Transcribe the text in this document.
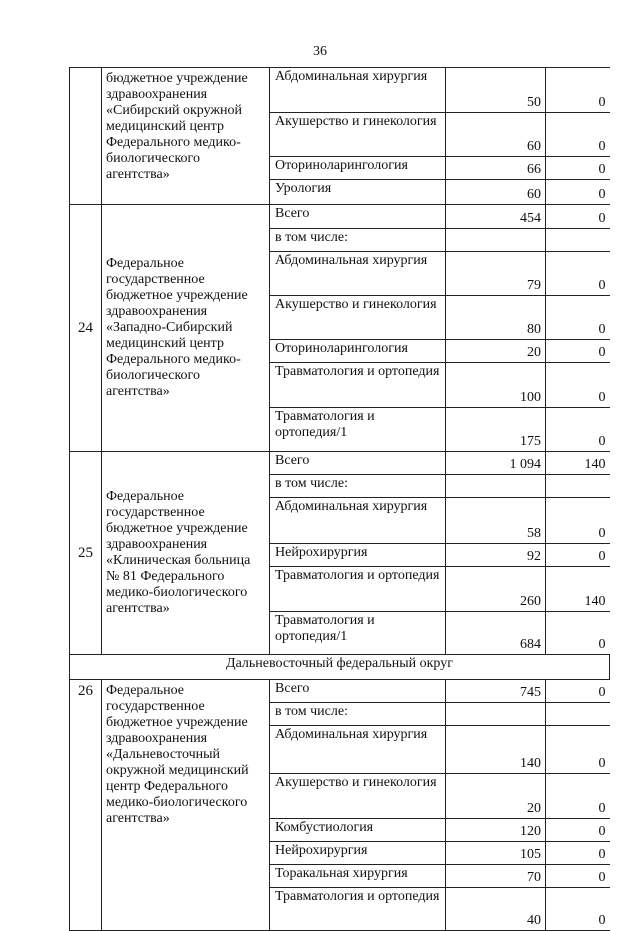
36
	бюджетное учреждение здравоохранения «Сибирский окружной медицинский центр Федерального медико-биологического агентства»	Абдоминальная хирургия	50	0
		Акушерство и гинекология	60	0
		Оториноларингология	66	0
		Урология	60	0
24	Федеральное государственное бюджетное учреждение здравоохранения «Западно-Сибирский медицинский центр Федерального медико-биологического агентства»	Всего	454	0
		в том числе:		
		Абдоминальная хирургия	79	0
		Акушерство и гинекология	80	0
		Оториноларингология	20	0
		Травматология и ортопедия	100	0
		Травматология и ортопедия/1	175	0
25	Федеральное государственное бюджетное учреждение здравоохранения «Клиническая больница № 81 Федерального медико-биологического агентства»	Всего	1 094	140
		в том числе:		
		Абдоминальная хирургия	58	0
		Нейрохирургия	92	0
		Травматология и ортопедия	260	140
		Травматология и ортопедия/1	684	0
Дальневосточный федеральный округ				
26	Федеральное государственное бюджетное учреждение здравоохранения «Дальневосточный окружной медицинский центр Федерального медико-биологического агентства»	Всего	745	0
		в том числе:		
		Абдоминальная хирургия	140	0
		Акушерство и гинекология	20	0
		Комбустиология	120	0
		Нейрохирургия	105	0
		Торакальная хирургия	70	0
		Травматология и ортопедия	40	0
